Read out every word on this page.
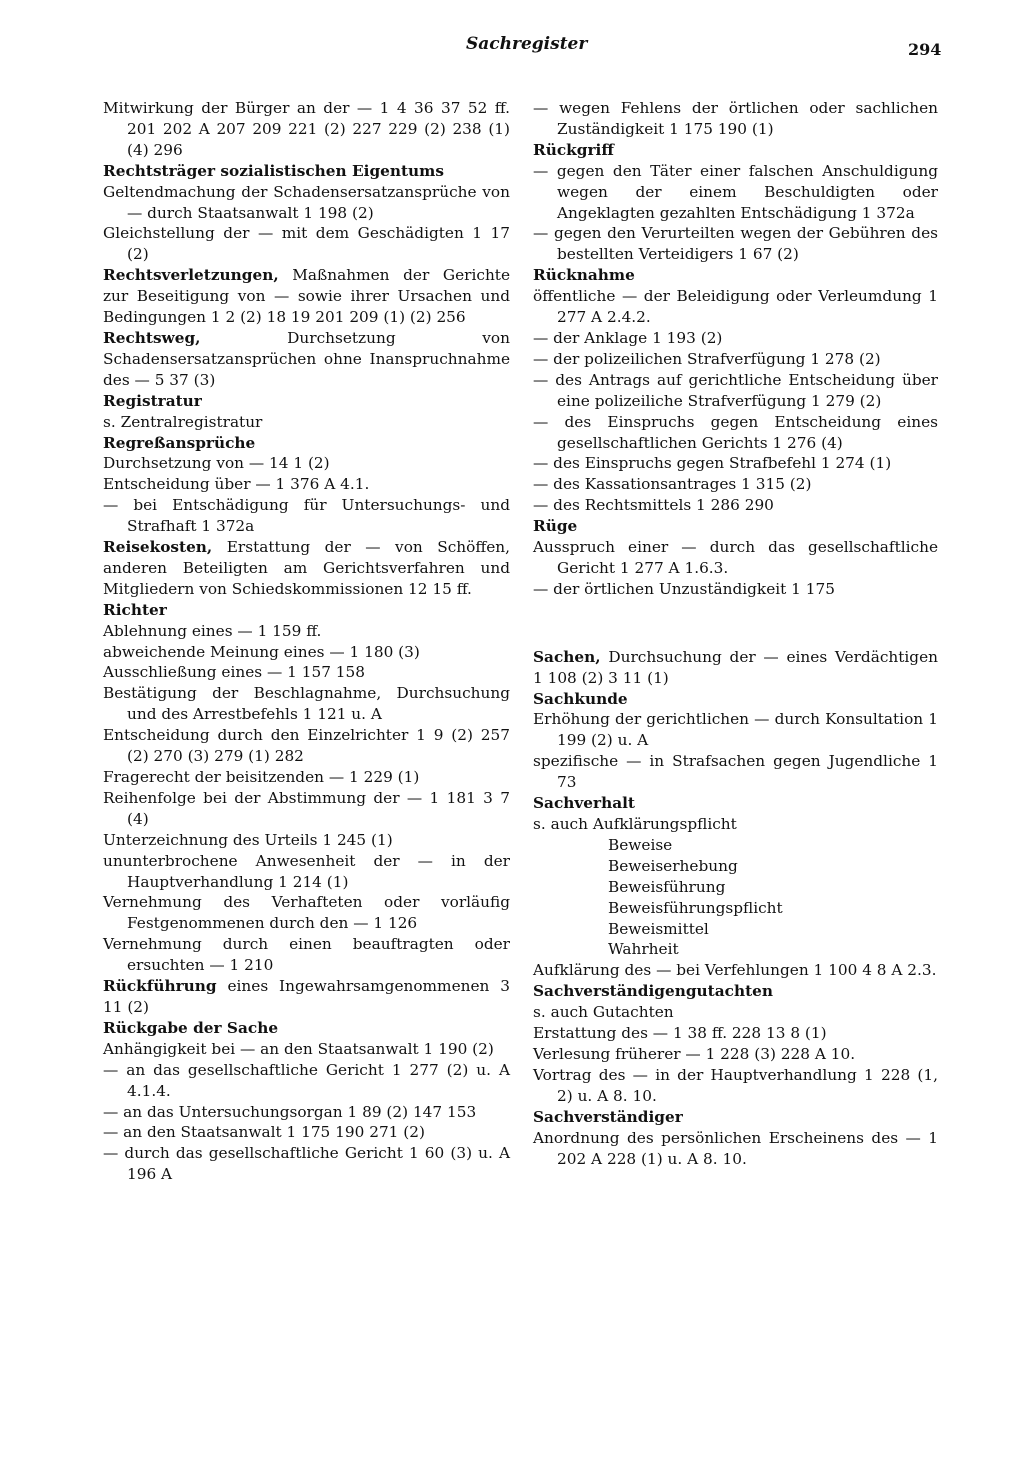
Sachregister	294

Mitwirkung der Bürger an der — 1 4 36 37 52 ff. 201 202 A 207 209 221 (2) 227 229 (2) 238 (1) (4) 296

Rechtsträger sozialistischen Eigentums

Geltendmachung der Schadensersatzansprüche von — durch Staatsanwalt 1 198 (2)

Gleichstellung der — mit dem Geschädigten 1 17 (2)

Rechtsverletzungen, Maßnahmen der Gerichte zur Beseitigung von — sowie ihrer Ursachen und Bedingungen 1 2 (2) 18 19 201 209 (1) (2) 256

Rechtsweg, Durchsetzung von Schadensersatzansprüchen ohne Inanspruchnahme des — 5 37 (3)

Registratur

s. Zentralregistratur

Regreßansprüche

Durchsetzung von — 14 1 (2)

Entscheidung über — 1 376 A 4.1.

— bei Entschädigung für Untersuchungs- und Strafhaft 1 372a

Reisekosten, Erstattung der — von Schöffen, anderen Beteiligten am Gerichtsverfahren und Mitgliedern von Schiedskommissionen 12 15 ff.

Richter

Ablehnung eines — 1 159 ff.

abweichende Meinung eines — 1 180 (3)

Ausschließung eines — 1 157 158

Bestätigung der Beschlagnahme, Durchsuchung und des Arrestbefehls 1 121 u. A

Entscheidung durch den Einzelrichter 1 9 (2) 257 (2) 270 (3) 279 (1) 282

Fragerecht der beisitzenden — 1 229 (1)

Reihenfolge bei der Abstimmung der — 1 181 3 7 (4)

Unterzeichnung des Urteils 1 245 (1)

ununterbrochene Anwesenheit der — in der Hauptverhandlung 1 214 (1)

Vernehmung des Verhafteten oder vorläufig Festgenommenen durch den — 1 126

Vernehmung durch einen beauftragten oder ersuchten — 1 210

Rückführung eines Ingewahrsamgenommenen 3 11 (2)

Rückgabe der Sache

Anhängigkeit bei — an den Staatsanwalt 1 190 (2)

— an das gesellschaftliche Gericht 1 277 (2) u. A 4.1.4.

— an das Untersuchungsorgan 1 89 (2) 147 153

— an den Staatsanwalt 1 175 190 271 (2)

— durch das gesellschaftliche Gericht 1 60 (3) u. A 196 A

— wegen Fehlens der örtlichen oder sachlichen Zuständigkeit 1 175 190 (1)

Rückgriff

— gegen den Täter einer falschen Anschuldigung wegen der einem Beschuldigten oder Angeklagten gezahlten Entschädigung 1 372a

— gegen den Verurteilten wegen der Gebühren des bestellten Verteidigers 1 67 (2)

Rücknahme

öffentliche — der Beleidigung oder Verleumdung 1 277 A 2.4.2.

— der Anklage 1 193 (2)

— der polizeilichen Strafverfügung 1 278 (2)

— des Antrags auf gerichtliche Entscheidung über eine polizeiliche Strafverfügung 1 279 (2)

— des Einspruchs gegen Entscheidung eines gesellschaftlichen Gerichts 1 276 (4)

— des Einspruchs gegen Strafbefehl 1 274 (1)

— des Kassationsantrages 1 315 (2)

— des Rechtsmittels 1 286 290

Rüge

Ausspruch einer — durch das gesellschaftliche Gericht 1 277 A 1.6.3.

— der örtlichen Unzuständigkeit 1 175

Sachen, Durchsuchung der — eines Verdächtigen 1 108 (2) 3 11 (1)

Sachkunde

Erhöhung der gerichtlichen — durch Konsultation 1 199 (2) u. A

spezifische — in Strafsachen gegen Jugendliche 1 73

Sachverhalt

s. auch Aufklärungspflicht

Beweise

Beweiserhebung

Beweisführung

Beweisführungspflicht

Beweismittel

Wahrheit

Aufklärung des — bei Verfehlungen 1 100 4 8 A 2.3.

Sachverständigengutachten

s. auch Gutachten

Erstattung des — 1 38 ff. 228 13 8 (1)

Verlesung früherer — 1 228 (3) 228 A 10.

Vortrag des — in der Hauptverhandlung 1 228 (1, 2) u. A 8. 10.

Sachverständiger

Anordnung des persönlichen Erscheinens des — 1 202 A 228 (1) u. A 8. 10.
